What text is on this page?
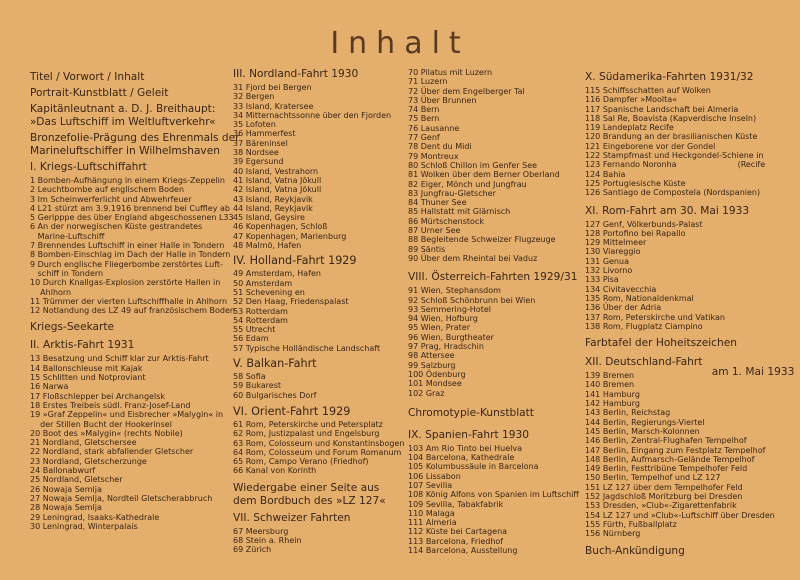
Inhalt
Titel / Vorwort / Inhalt
Portrait-Kunstblatt / Geleit
Kapitänleutnant a. D. J. Breithaupt:
»Das Luftschiff im Weltluftverkehr«
Bronzefolie-Prägung des Ehrenmals der
Marineluftschiffer in Wilhelmshaven
I. Kriegs-Luftschiffahrt
1 Bomben-Aufhängung in einem Kriegs-Zeppelin
2 Leuchtbombe auf englischem Boden
3 Im Scheinwerferlicht und Abwehrfeuer
4 L21 stürzt am 3.9.1916 brennend bei Cuffley ab
5 Geripppe des über England abgeschossenen L33
6 An der norwegischen Küste gestrandetes
Marine-Luftschiff
7 Brennendes Luftschiff in einer Halle in Tondern
8 Bomben-Einschlag im Dach der Halle in Tondern
9 Durch englische Fliegerbombe zerstörtes Luft-
schiff in Tondern
10 Durch Knallgas-Explosion zerstörte Hallen in
Ahlhorn
11 Trümmer der vierten Luftschiffhalle in Ahlhorn
12 Notlandung des LZ 49 auf französischem Boden
Kriegs-Seekarte
II. Arktis-Fahrt 1931
13 Besatzung und Schiff klar zur Arktis-Fahrt
14 Ballonschleuse mit Kajak
15 Schlitten und Notproviant
16 Narwa
17 Floßschlepper bei Archangelsk
18 Erstes Treibeis südl. Franz-Josef-Land
19 »Graf Zeppelin« und Eisbrecher »Malygin« in
der Stillen Bucht der Hookerinsel
20 Boot des »Malygin« (rechts Nobile)
21 Nordland, Gletscherseе
22 Nordland, stark abfallender Gletscher
23 Nordland, Gletscherzunge
24 Ballonabwurf
25 Nordland, Gletscher
26 Nowaja Semlja
27 Nowaja Semlja, Nordteil Gletscherabbruch
28 Nowaja Semlja
29 Leningrad, Isaaks-Kathedrale
30 Leningrad, Winterpalais
III. Nordland-Fahrt 1930
31 Fjord bei Bergen
32 Bergen
33 Island, Kratersee
34 Mitternachtssonne über den Fjorden
35 Lofoten
36 Hammerfest
37 Bäreninsel
38 Nordsee
39 Egersund
40 Island, Vestrahorn
41 Island, Vatna Jökull
42 Island, Vatna Jökull
43 Island, Reykjavik
44 Island, Reykjavik
45 Island, Geysire
46 Kopenhagen, Schloß
47 Kopenhagen, Marienburg
48 Malmö, Hafen
IV. Holland-Fahrt 1929
49 Amsterdam, Hafen
50 Amsterdam
51 Schevening en
52 Den Haag, Friedenspalast
53 Rotterdam
54 Rotterdam
55 Utrecht
56 Edam
57 Typische Holländische Landschaft
V. Balkan-Fahrt
58 Sofia
59 Bukarest
60 Bulgarisches Dorf
VI. Orient-Fahrt 1929
61 Rom, Peterskirche und Petersplatz
62 Rom, Justizpalast und Engelsburg
63 Rom, Colosseum und Konstantinsbogen
64 Rom, Colosseum und Forum Romanum
65 Rom, Campo Verano (Friedhof)
66 Kanal von Korinth
Wiedergabe einer Seite aus
dem Bordbuch des »LZ 127«
VII. Schweizer Fahrten
67 Meersburg
68 Stein a. Rhein
69 Zürich
70 Pilatus mit Luzern
71 Luzern
72 Über dem Engelberger Tal
73 Über Brunnen
74 Bern
75 Bern
76 Lausanne
77 Genf
78 Dent du Midi
79 Montreux
80 Schloß Chillon im Genfer See
81 Wolken über dem Berner Oberland
82 Eiger, Mönch und Jungfrau
83 Jungfrau-Gletscher
84 Thuner See
85 Hallstatt mit Glärnisch
86 Mürtschenstock
87 Urner See
88 Begleitende Schweizer Flugzeuge
89 Säntis
90 Über dem Rheintal bei Vaduz
VIII. Österreich-Fahrten 1929/31
91 Wien, Stephansdom
92 Schloß Schönbrunn bei Wien
93 Semmering-Hotel
94 Wien, Hofburg
95 Wien, Prater
96 Wien, Burgtheater
97 Prag, Hradschin
98 Attersee
99 Salzburg
100 Ödenburg
101 Mondsee
102 Graz
Chromotypie-Kunstblatt
IX. Spanien-Fahrt 1930
103 Am Rio Tinto bei Huelva
104 Barcelona, Kathedrale
105 Kolumbussäule in Barcelona
106 Lissabon
107 Sevilla
108 König Alfons von Spanien im Luftschiff
109 Sevilla, Tabakfabrik
110 Malaga
111 Almeria
112 Küste bei Cartagena
113 Barcelona, Friedhof
114 Barcelona, Ausstellung
X. Südamerika-Fahrten 1931/32
115 Schiffsschatten auf Wolken
116 Dampfer »Moolta«
117 Spanische Landschaft bei Almeria
118 Sal Re, Boavista (Kapverdische Inseln)
119 Landeplatz Recife
120 Brandung an der brasilianischen Küste
121 Eingeborene vor der Gondel
122 Stampfmast und Heckgondel-Schiene in
123 Fernando Noronha                        (Recife
124 Bahia
125 Portugiesische Küste
126 Santiago de Compostela (Nordspanien)
XI. Rom-Fahrt am 30. Mai 1933
127 Genf, Völkerbunds-Palast
128 Portofino bei Rapallo
129 Mittelmeer
130 Viareggio
131 Genua
132 Livorno
133 Pisa
134 Civitavecchia
135 Rom, Nationaldenkmal
136 Über der Adria
137 Rom, Peterskirche und Vatikan
138 Rom, Flugplatz Ciampino
Farbtafel der Hoheitszeichen
XII. Deutschland-Fahrt am 1. Mai 1933
139 Bremen
140 Bremen
141 Hamburg
142 Hamburg
143 Berlin, Reichstag
144 Berlin, Regierungs-Viertel
145 Berlin, Marsch-Kolonnen
146 Berlin, Zentral-Flughafen Tempelhof
147 Berlin, Eingang zum Festplatz Tempelhof
148 Berlin, Aufmarsch-Gelände Tempelhof
149 Berlin, Festtribüne Tempelhofer Feld
150 Berlin, Tempelhof und LZ 127
151 LZ 127 über dem Tempelhofer Feld
152 Jagdschloß Moritzburg bei Dresden
153 Dresden, »Club«-Zigarettenfabrik
154 LZ 127 und »Club«-Luftschiff über Dresden
155 Fürth, Fußballplatz
156 Nürnberg
Buch-Ankündigung
